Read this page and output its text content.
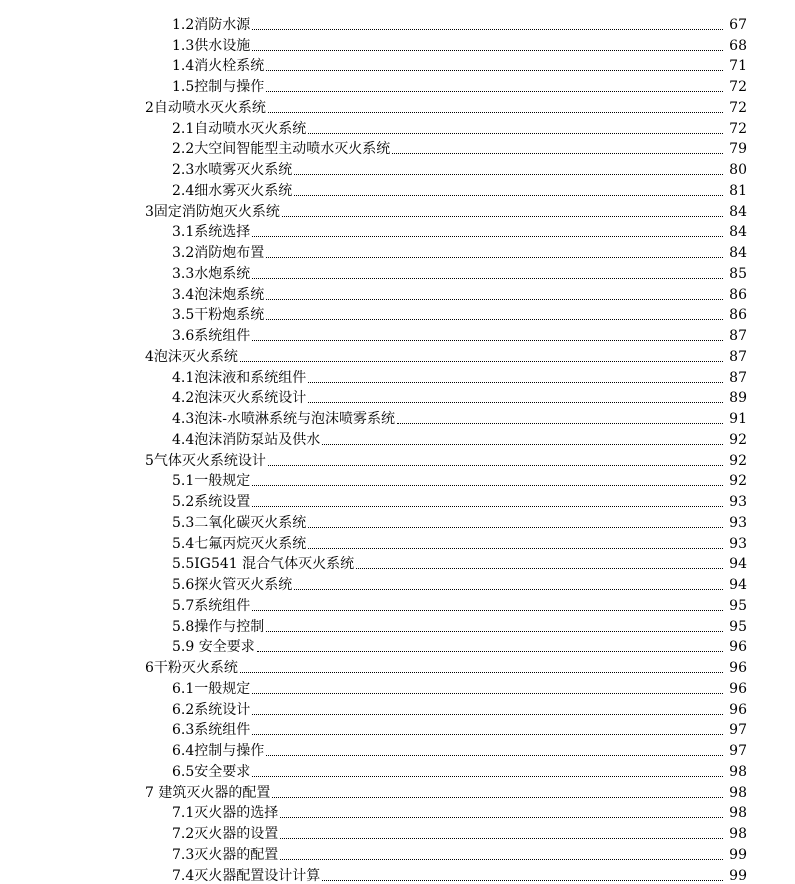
1.2 消防水源	67
1.3 供水设施	68
1.4 消火栓系统	71
1.5 控制与操作	72
2 自动喷水灭火系统	72
2.1 自动喷水灭火系统	72
2.2 大空间智能型主动喷水灭火系统	79
2.3 水喷雾灭火系统	80
2.4 细水雾灭火系统	81
3 固定消防炮灭火系统	84
3.1 系统选择	84
3.2 消防炮布置	84
3.3 水炮系统	85
3.4 泡沫炮系统	86
3.5 干粉炮系统	86
3.6 系统组件	87
4 泡沫灭火系统	87
4.1 泡沫液和系统组件	87
4.2 泡沫灭火系统设计	89
4.3 泡沫-水喷淋系统与泡沫喷雾系统	91
4.4 泡沫消防泵站及供水	92
5 气体灭火系统设计	92
5.1 一般规定	92
5.2 系统设置	93
5.3 二氧化碳灭火系统	93
5.4 七氟丙烷灭火系统	93
5.5 IG541 混合气体灭火系统	94
5.6 探火管灭火系统	94
5.7 系统组件	95
5.8 操作与控制	95
5.9 安全要求	96
6 干粉灭火系统	96
6.1 一般规定	96
6.2 系统设计	96
6.3 系统组件	97
6.4 控制与操作	97
6.5 安全要求	98
7 建筑灭火器的配置	98
7.1 灭火器的选择	98
7.2 灭火器的设置	98
7.3 灭火器的配置	99
7.4 灭火器配置设计计算	99
